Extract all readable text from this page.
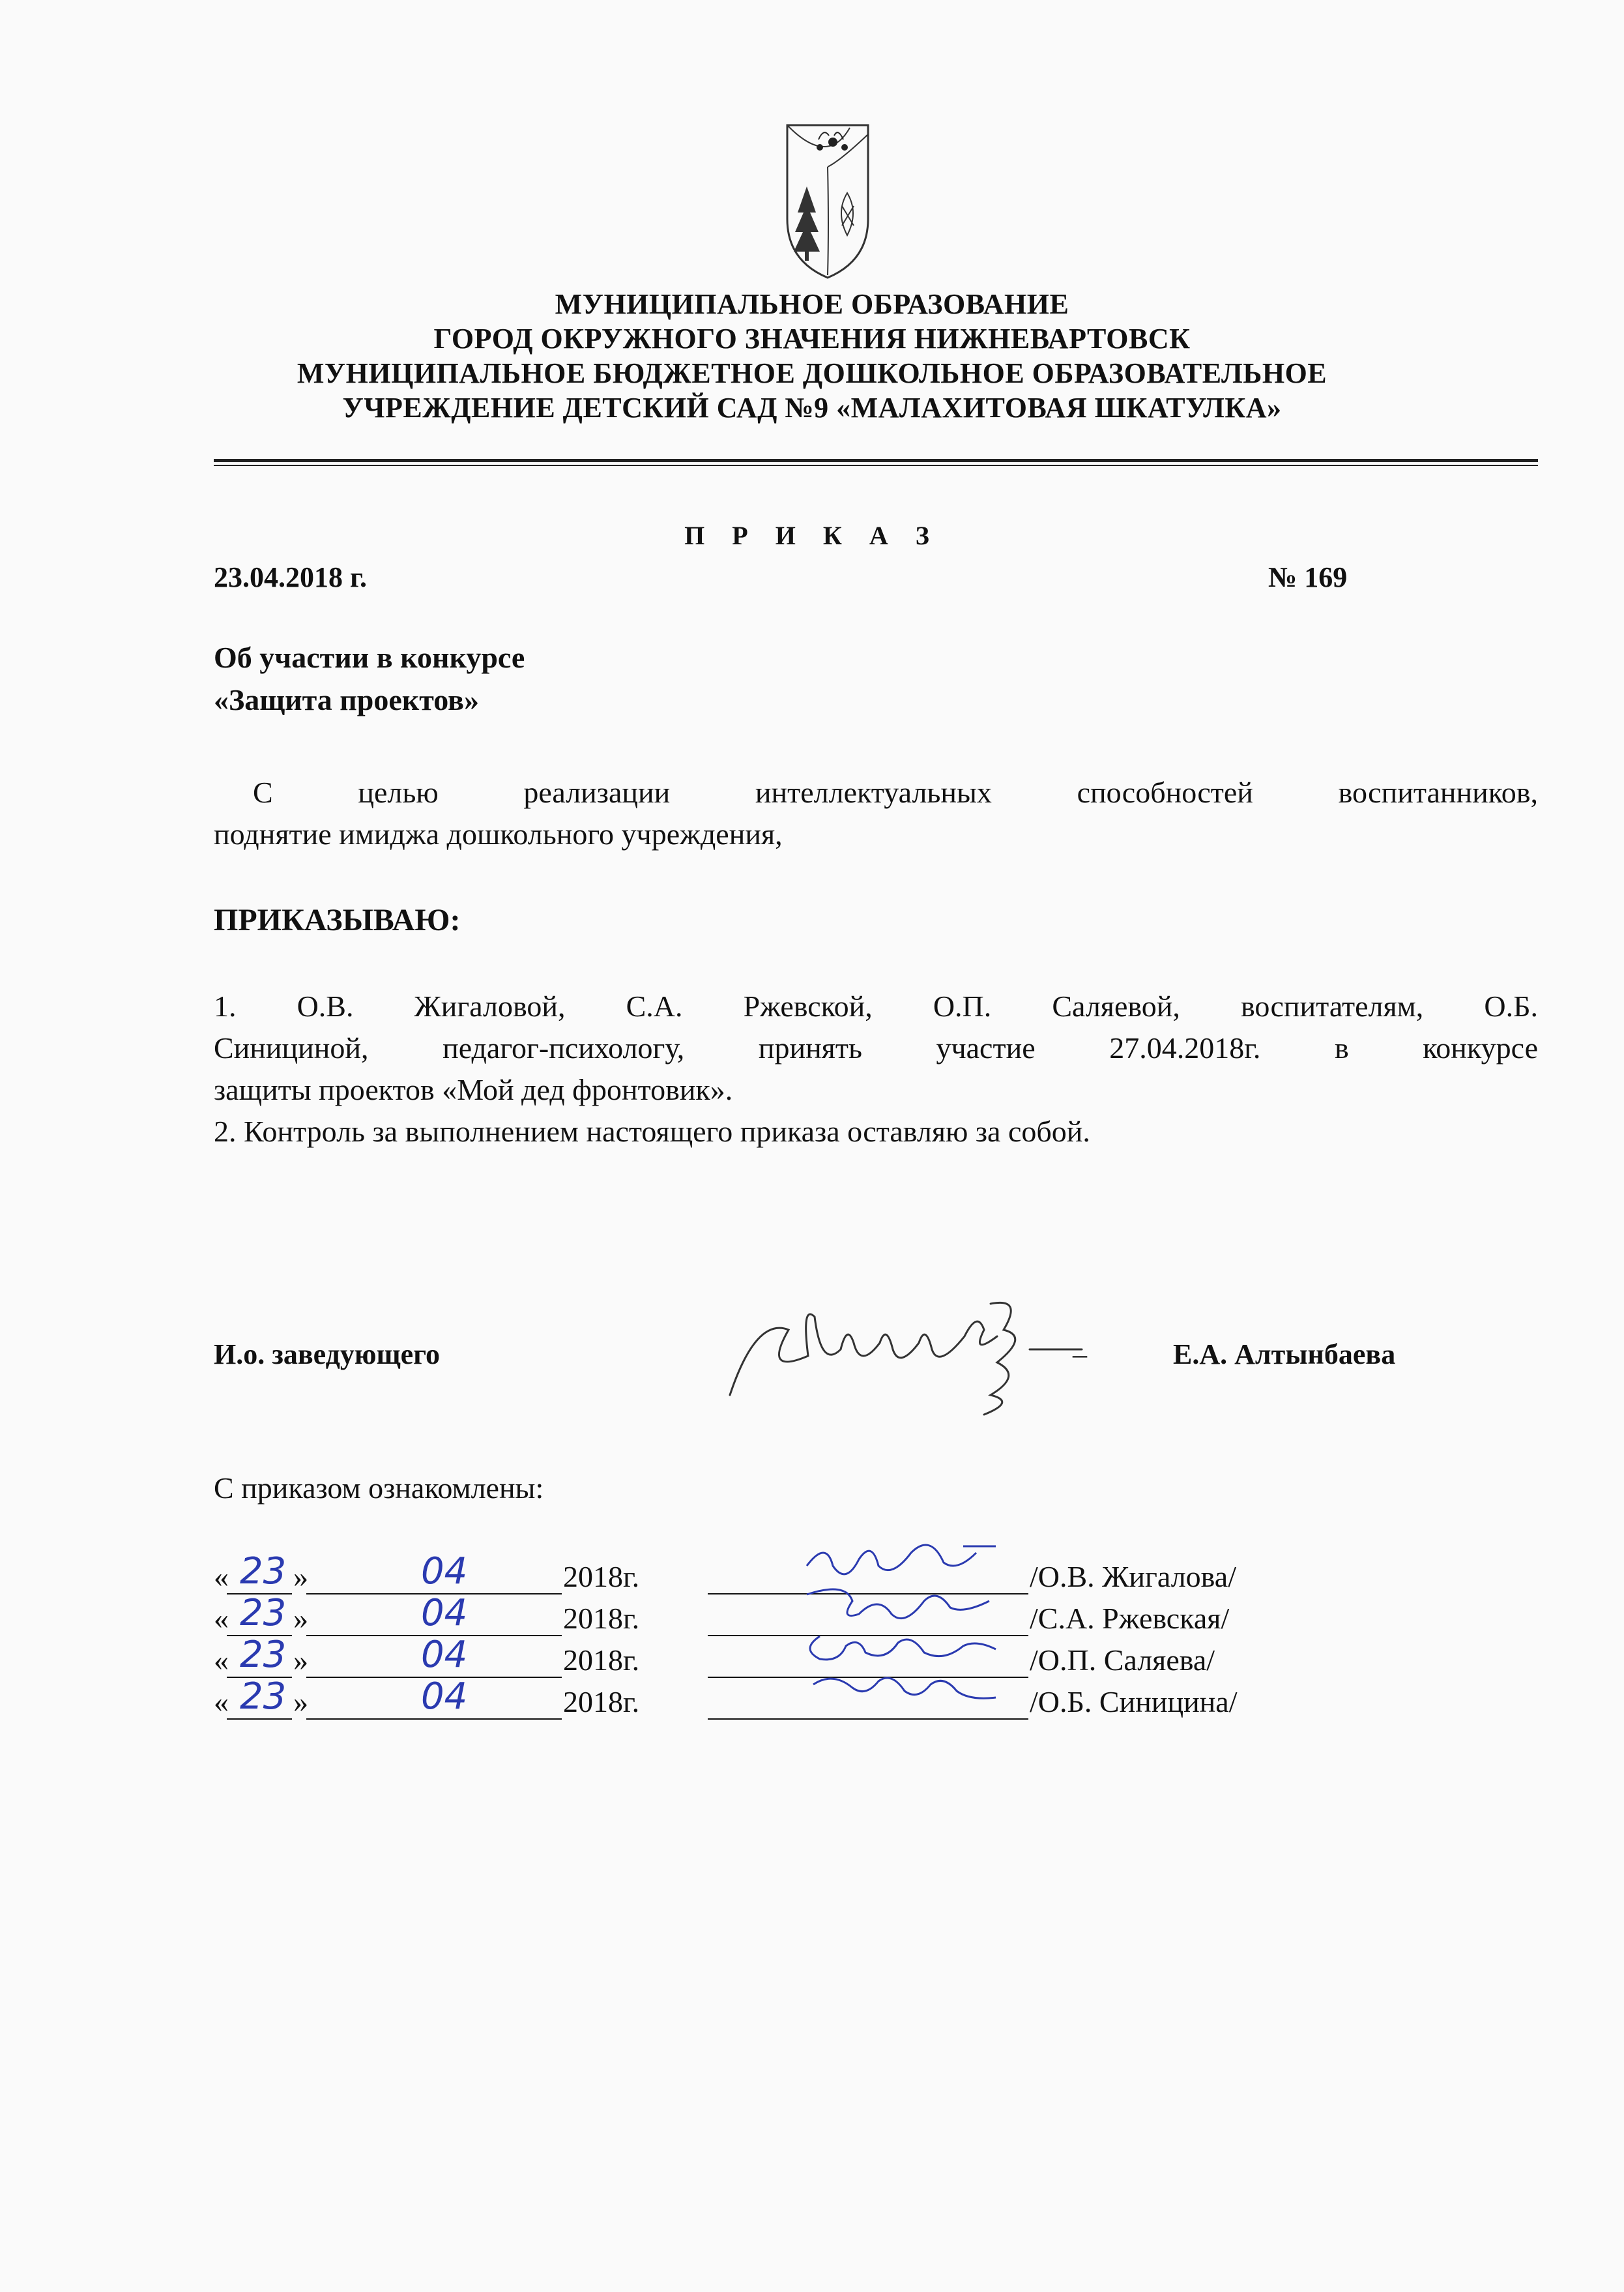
МУНИЦИПАЛЬНОЕ ОБРАЗОВАНИЕ
ГОРОД ОКРУЖНОГО ЗНАЧЕНИЯ НИЖНЕВАРТОВСК
МУНИЦИПАЛЬНОЕ БЮДЖЕТНОЕ ДОШКОЛЬНОЕ ОБРАЗОВАТЕЛЬНОЕ
УЧРЕЖДЕНИЕ ДЕТСКИЙ САД №9 «МАЛАХИТОВАЯ ШКАТУЛКА»
П Р И К А З
23.04.2018 г.	№ 169
Об участии в конкурсе
«Защита проектов»
С целью реализации интеллектуальных способностей воспитанников,
поднятие имиджа дошкольного учреждения,
ПРИКАЗЫВАЮ:
1. О.В. Жигаловой, С.А. Ржевской, О.П. Саляевой, воспитателям, О.Б.
Синициной, педагог-психологу, принять участие 27.04.2018г. в конкурсе
защиты проектов «Мой дед фронтовик».
2. Контроль за выполнением настоящего приказа оставляю за собой.
И.о. заведующего	–	Е.А. Алтынбаева
С приказом ознакомлены:
« 23 »	04	2018г.	/О.В. Жигалова/
« 23 »	04	2018г.	/С.А. Ржевская/
« 23 »	04	2018г.	/О.П. Саляева/
« 23 »	04	2018г.	/О.Б. Синицина/
